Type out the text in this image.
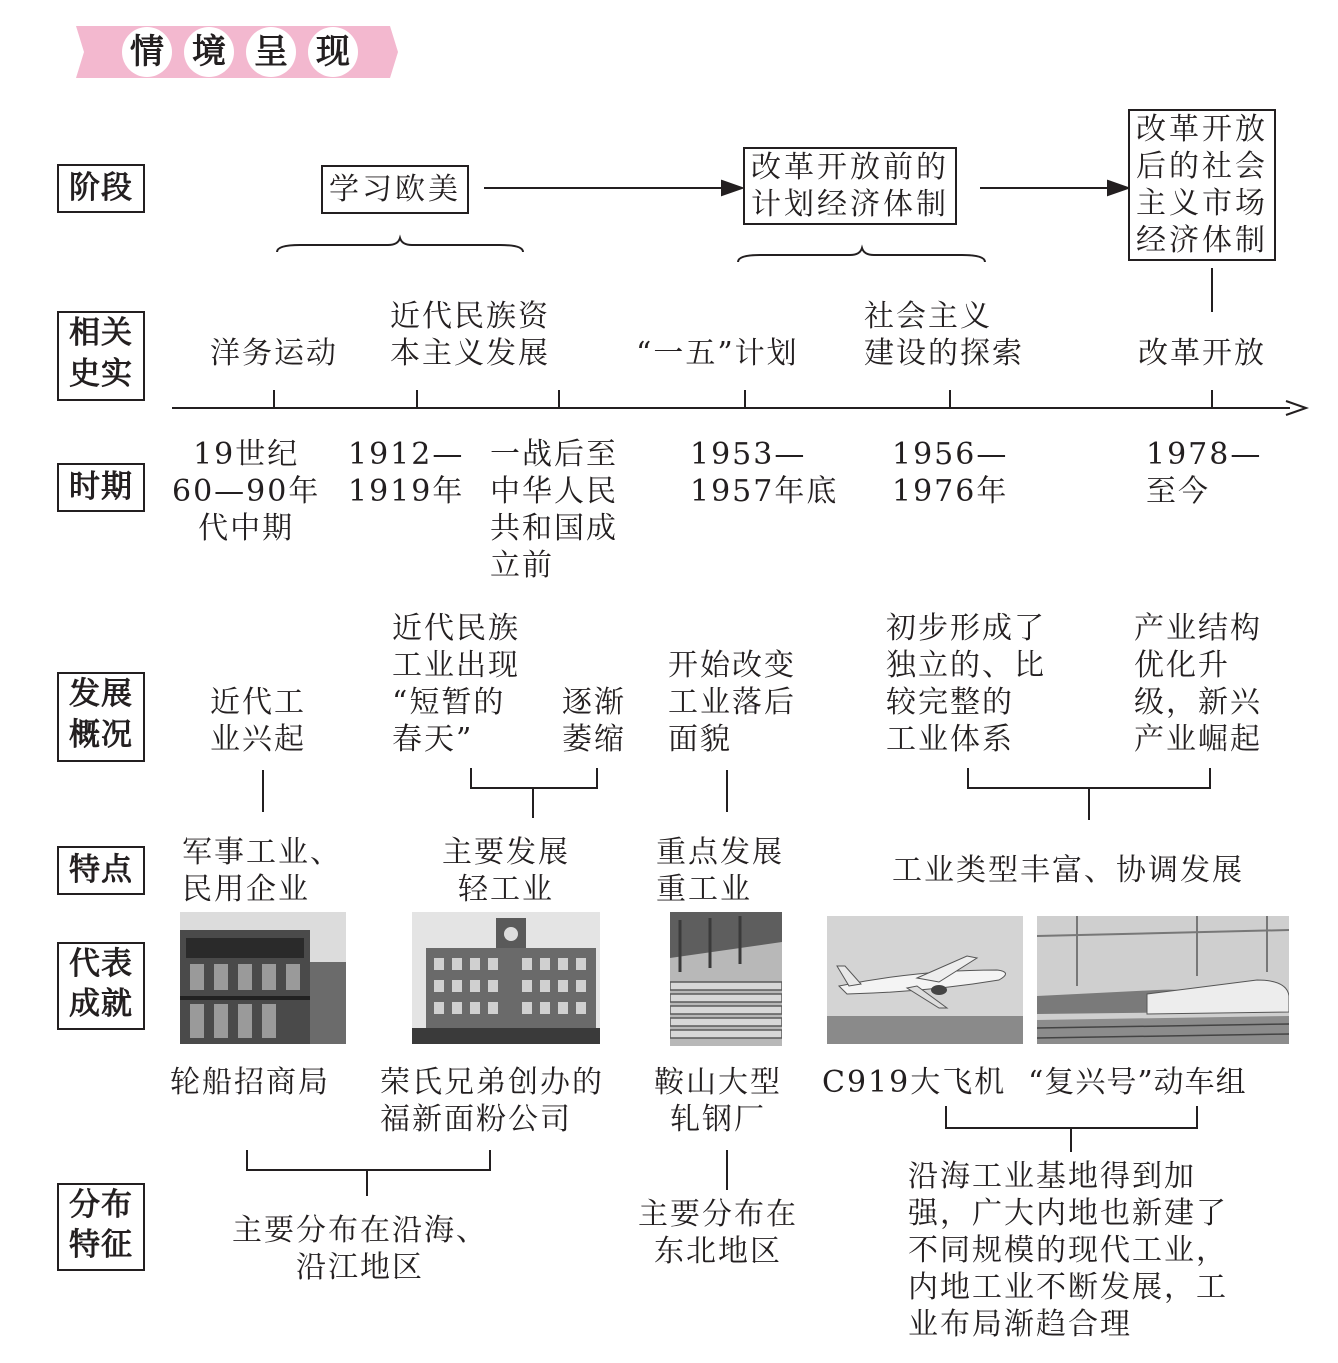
情 境 呈 现
阶段
相关
史实
时期
发展
概况
特点
代表
成就
分布
特征
学习欧美
改革开放前的
计划经济体制
改革开放
后的社会
主义市场
经济体制
洋务运动
近代民族资
本主义发展	“一五”计划
社会主义
建设的探索	改革开放
19世纪
60—90年
代中期
1912—
1919年
一战后至
中华人民
共和国成
立前
1953—
1957年底
1956—
1976年
1978—
至今
近代工
业兴起
近代民族
工业出现
“短暂的
春天”
逐渐
萎缩
开始改变
工业落后
面貌
初步形成了
独立的、比
较完整的
工业体系
产业结构
优化升
级，新兴
产业崛起
军事工业、
民用企业
主要发展
轻工业
重点发展
重工业
工业类型丰富、协调发展
轮船招商局 荣氏兄弟创办的
福新面粉公司
鞍山大型
轧钢厂
C919大飞机 “复兴号”动车组
主要分布在沿海、
沿江地区
主要分布在
东北地区
沿海工业基地得到加
强，广大内地也新建了
不同规模的现代工业，
内地工业不断发展，工
业布局渐趋合理
